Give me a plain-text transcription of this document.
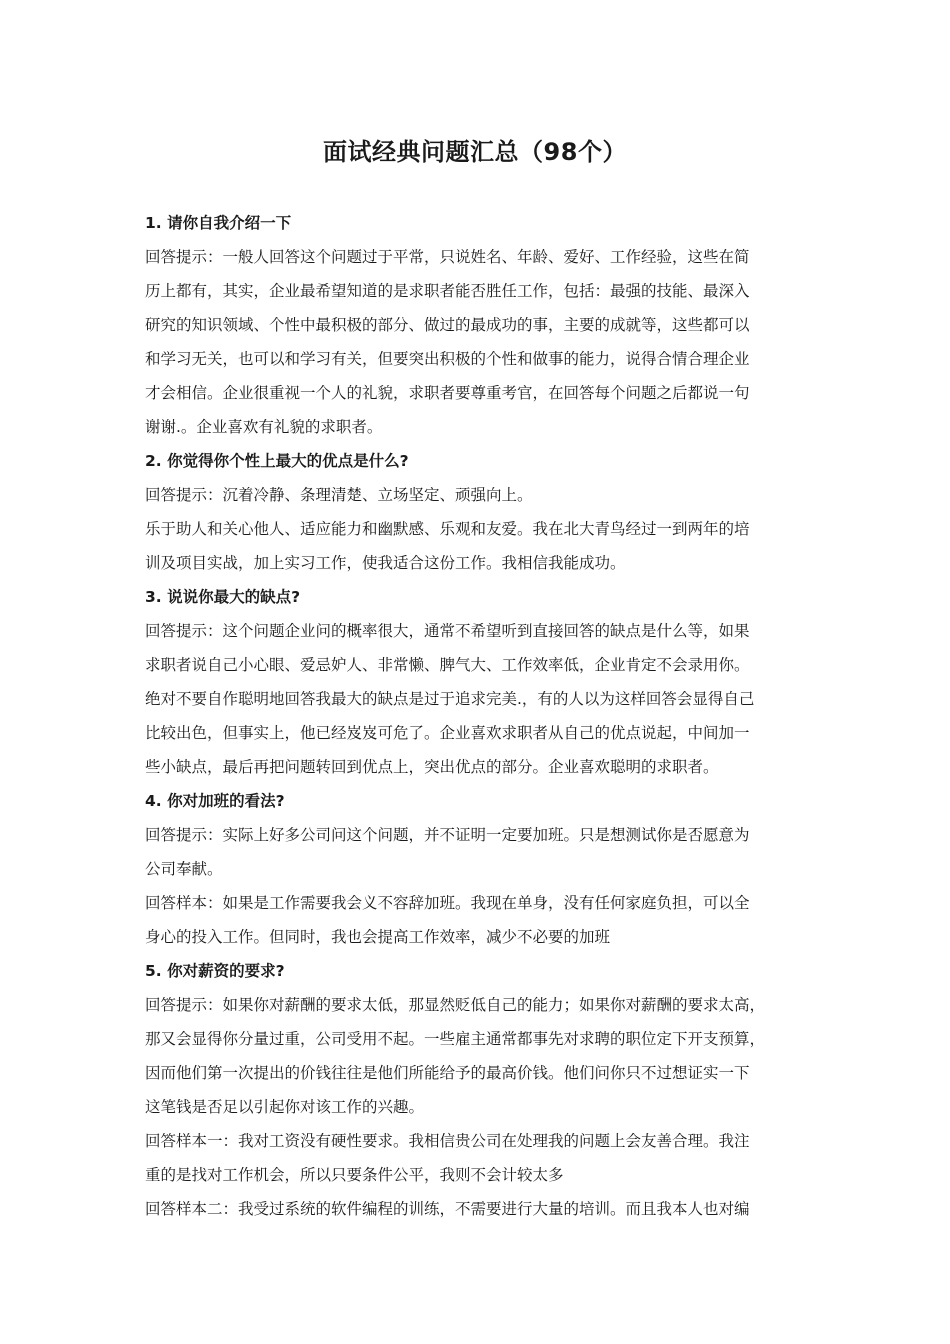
面试经典问题汇总（98个）
1. 请你自我介绍一下
回答提示：一般人回答这个问题过于平常，只说姓名、年龄、爱好、工作经验，这些在简
历上都有，其实，企业最希望知道的是求职者能否胜任工作，包括：最强的技能、最深入
研究的知识领域、个性中最积极的部分、做过的最成功的事，主要的成就等，这些都可以
和学习无关，也可以和学习有关，但要突出积极的个性和做事的能力，说得合情合理企业
才会相信。企业很重视一个人的礼貌，求职者要尊重考官，在回答每个问题之后都说一句
谢谢.。企业喜欢有礼貌的求职者。
2. 你觉得你个性上最大的优点是什么?
回答提示：沉着冷静、条理清楚、立场坚定、顽强向上。
乐于助人和关心他人、适应能力和幽默感、乐观和友爱。我在北大青鸟经过一到两年的培
训及项目实战，加上实习工作，使我适合这份工作。我相信我能成功。
3. 说说你最大的缺点?
回答提示：这个问题企业问的概率很大，通常不希望听到直接回答的缺点是什么等，如果
求职者说自己小心眼、爱忌妒人、非常懒、脾气大、工作效率低，企业肯定不会录用你。
绝对不要自作聪明地回答我最大的缺点是过于追求完美.，有的人以为这样回答会显得自己
比较出色，但事实上，他已经岌岌可危了。企业喜欢求职者从自己的优点说起，中间加一
些小缺点，最后再把问题转回到优点上，突出优点的部分。企业喜欢聪明的求职者。
4. 你对加班的看法?
回答提示：实际上好多公司问这个问题，并不证明一定要加班。只是想测试你是否愿意为
公司奉献。
回答样本：如果是工作需要我会义不容辞加班。我现在单身，没有任何家庭负担，可以全
身心的投入工作。但同时，我也会提高工作效率，减少不必要的加班
5. 你对薪资的要求?
回答提示：如果你对薪酬的要求太低，那显然贬低自己的能力；如果你对薪酬的要求太高，
那又会显得你分量过重，公司受用不起。一些雇主通常都事先对求聘的职位定下开支预算，
因而他们第一次提出的价钱往往是他们所能给予的最高价钱。他们问你只不过想证实一下
这笔钱是否足以引起你对该工作的兴趣。
回答样本一：我对工资没有硬性要求。我相信贵公司在处理我的问题上会友善合理。我注
重的是找对工作机会，所以只要条件公平，我则不会计较太多
回答样本二：我受过系统的软件编程的训练，不需要进行大量的培训。而且我本人也对编
